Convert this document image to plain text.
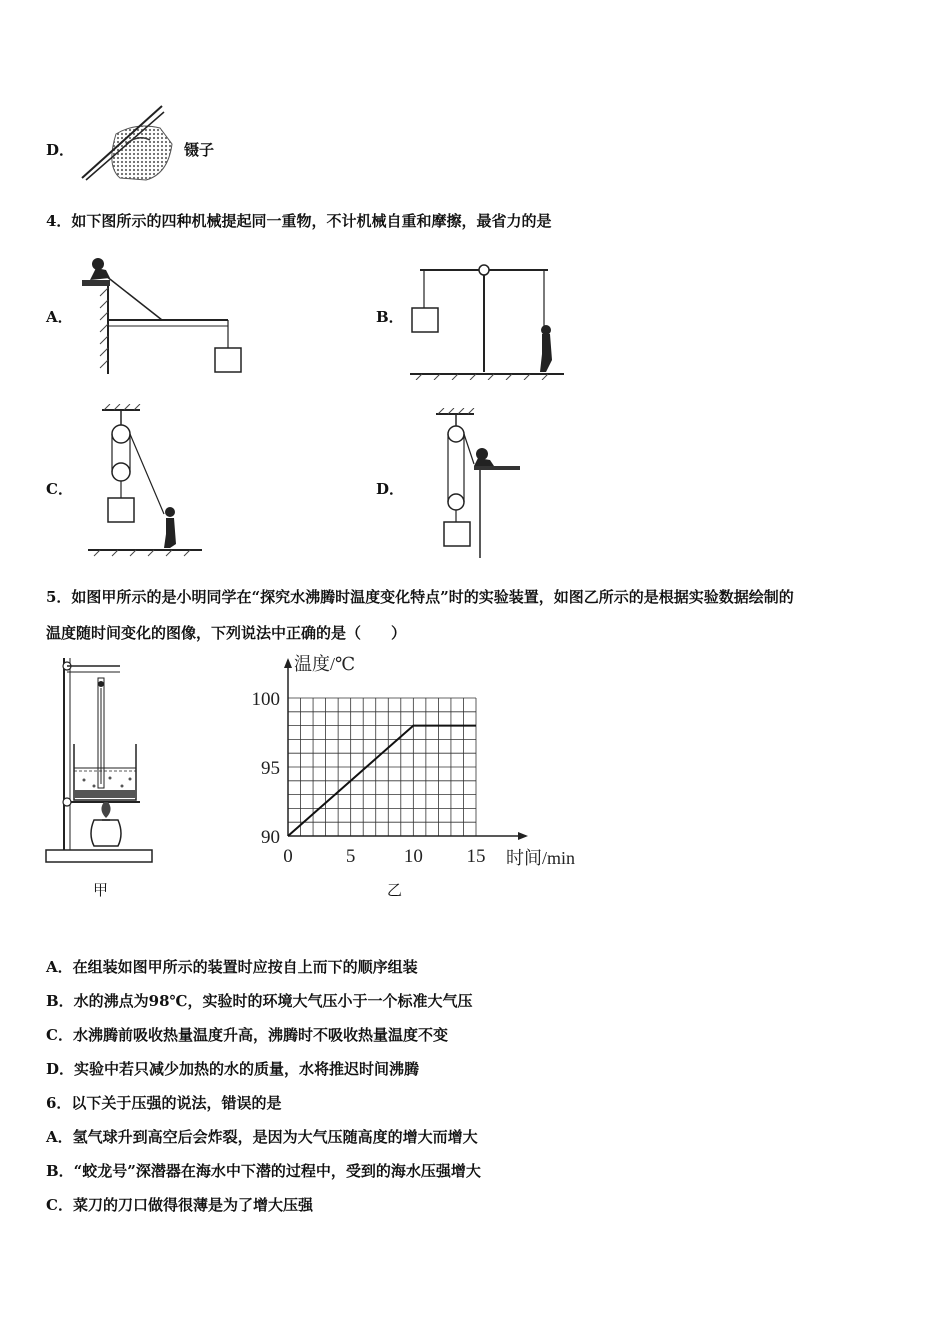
D．	镊子
4．如下图所示的四种机械提起同一重物，不计机械自重和摩擦，最省力的是
A．	B．
C．	D．
5．如图甲所示的是小明同学在“探究水沸腾时温度变化特点”时的实验装置，如图乙所示的是根据实验数据绘制的
温度随时间变化的图像，下列说法中正确的是（　　）
甲
0	5	10 15
90
95
100
温度/℃
时间/min
乙
A．在组装如图甲所示的装置时应按自上而下的顺序组装
B．水的沸点为98℃，实验时的环境大气压小于一个标准大气压
C．水沸腾前吸收热量温度升高，沸腾时不吸收热量温度不变
D．实验中若只减少加热的水的质量，水将推迟时间沸腾
6．以下关于压强的说法，错误的是
A．氢气球升到高空后会炸裂，是因为大气压随高度的增大而增大
B．“蛟龙号”深潜器在海水中下潜的过程中，受到的海水压强增大
C．菜刀的刀口做得很薄是为了增大压强
